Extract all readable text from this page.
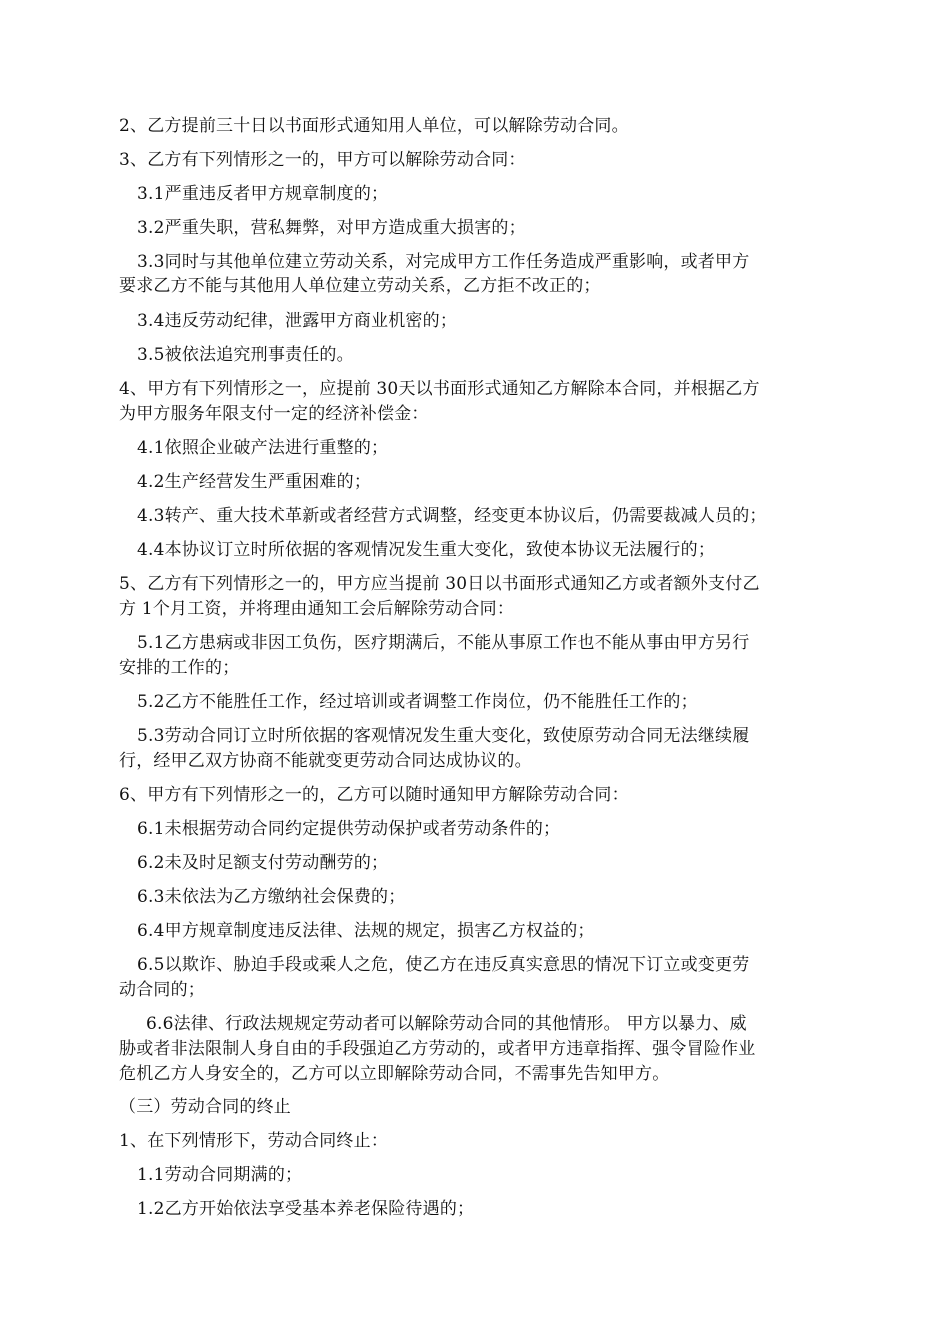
2、乙方提前三十日以书面形式通知用人单位，可以解除劳动合同。
3、乙方有下列情形之一的，甲方可以解除劳动合同：
3.1严重违反者甲方规章制度的；
3.2严重失职，营私舞弊，对甲方造成重大损害的；
3.3同时与其他单位建立劳动关系，对完成甲方工作任务造成严重影响，或者甲方
要求乙方不能与其他用人单位建立劳动关系，乙方拒不改正的；
3.4违反劳动纪律，泄露甲方商业机密的；
3.5被依法追究刑事责任的。
4、甲方有下列情形之一，应提前 30天以书面形式通知乙方解除本合同，并根据乙方
为甲方服务年限支付一定的经济补偿金：
4.1依照企业破产法进行重整的；
4.2生产经营发生严重困难的；
4.3转产、重大技术革新或者经营方式调整，经变更本协议后，仍需要裁减人员的；
4.4本协议订立时所依据的客观情况发生重大变化，致使本协议无法履行的；
5、乙方有下列情形之一的，甲方应当提前 30日以书面形式通知乙方或者额外支付乙
方 1个月工资，并将理由通知工会后解除劳动合同：
5.1乙方患病或非因工负伤，医疗期满后，不能从事原工作也不能从事由甲方另行
安排的工作的；
5.2乙方不能胜任工作，经过培训或者调整工作岗位，仍不能胜任工作的；
5.3劳动合同订立时所依据的客观情况发生重大变化，致使原劳动合同无法继续履
行，经甲乙双方协商不能就变更劳动合同达成协议的。
6、甲方有下列情形之一的，乙方可以随时通知甲方解除劳动合同：
6.1未根据劳动合同约定提供劳动保护或者劳动条件的；
6.2未及时足额支付劳动酬劳的；
6.3未依法为乙方缴纳社会保费的；
6.4甲方规章制度违反法律、法规的规定，损害乙方权益的；
6.5以欺诈、胁迫手段或乘人之危，使乙方在违反真实意思的情况下订立或变更劳
动合同的；
6.6法律、行政法规规定劳动者可以解除劳动合同的其他情形。 甲方以暴力、威
胁或者非法限制人身自由的手段强迫乙方劳动的，或者甲方违章指挥、强令冒险作业
危机乙方人身安全的，乙方可以立即解除劳动合同，不需事先告知甲方。
（三）劳动合同的终止
1、在下列情形下，劳动合同终止：
1.1劳动合同期满的；
1.2乙方开始依法享受基本养老保险待遇的；
